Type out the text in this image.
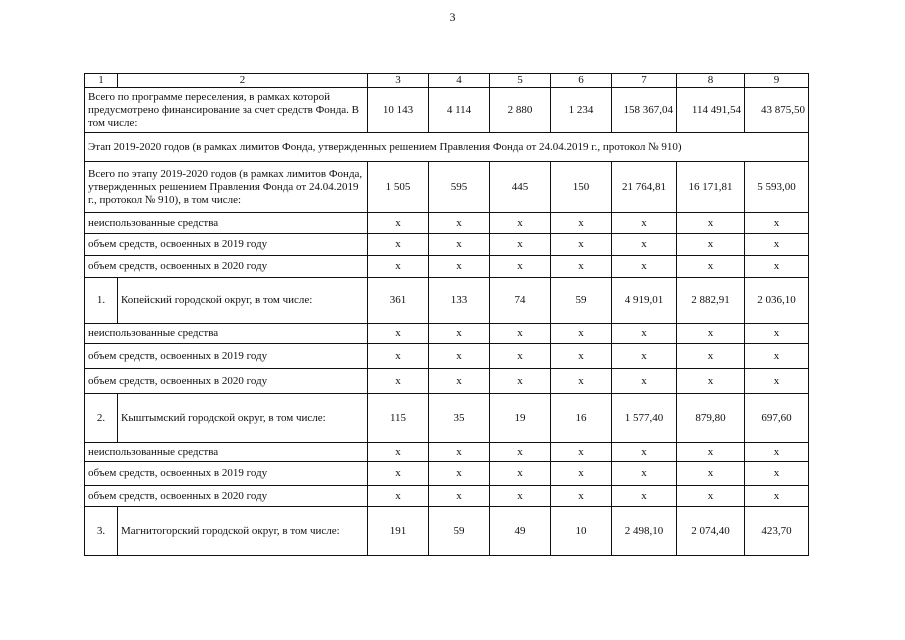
3
1	2	3	4	5	6	7	8	9
Всего по программе переселения, в рамках которой предусмотрено финансирование за счет средств Фонда. В том числе:		10 143	4 114	2 880	1 234	158 367,04	114 491,54	43 875,50
Этап 2019-2020 годов (в рамках лимитов Фонда, утвержденных решением Правления Фонда от 24.04.2019 г., протокол № 910)								
Всего по этапу 2019-2020 годов (в рамках лимитов Фонда, утвержденных решением Правления Фонда от 24.04.2019 г., протокол № 910), в том числе:		1 505	595	445	150	21 764,81	16 171,81	5 593,00
неиспользованные средства		x	x	x	x	x	x	x
объем средств, освоенных в 2019 году		x	x	x	x	x	x	x
объем средств, освоенных в 2020 году		x	x	x	x	x	x	x
1.	Копейский городской округ, в том числе:	361	133	74	59	4 919,01	2 882,91	2 036,10
неиспользованные средства		x	x	x	x	x	x	x
объем средств, освоенных в 2019 году		x	x	x	x	x	x	x
объем средств, освоенных в 2020 году		x	x	x	x	x	x	x
2.	Кыштымский городской округ, в том числе:	115	35	19	16	1 577,40	879,80	697,60
неиспользованные средства		x	x	x	x	x	x	x
объем средств, освоенных в 2019 году		x	x	x	x	x	x	x
объем средств, освоенных в 2020 году		x	x	x	x	x	x	x
3.	Магнитогорский городской округ, в том числе:	191	59	49	10	2 498,10	2 074,40	423,70
